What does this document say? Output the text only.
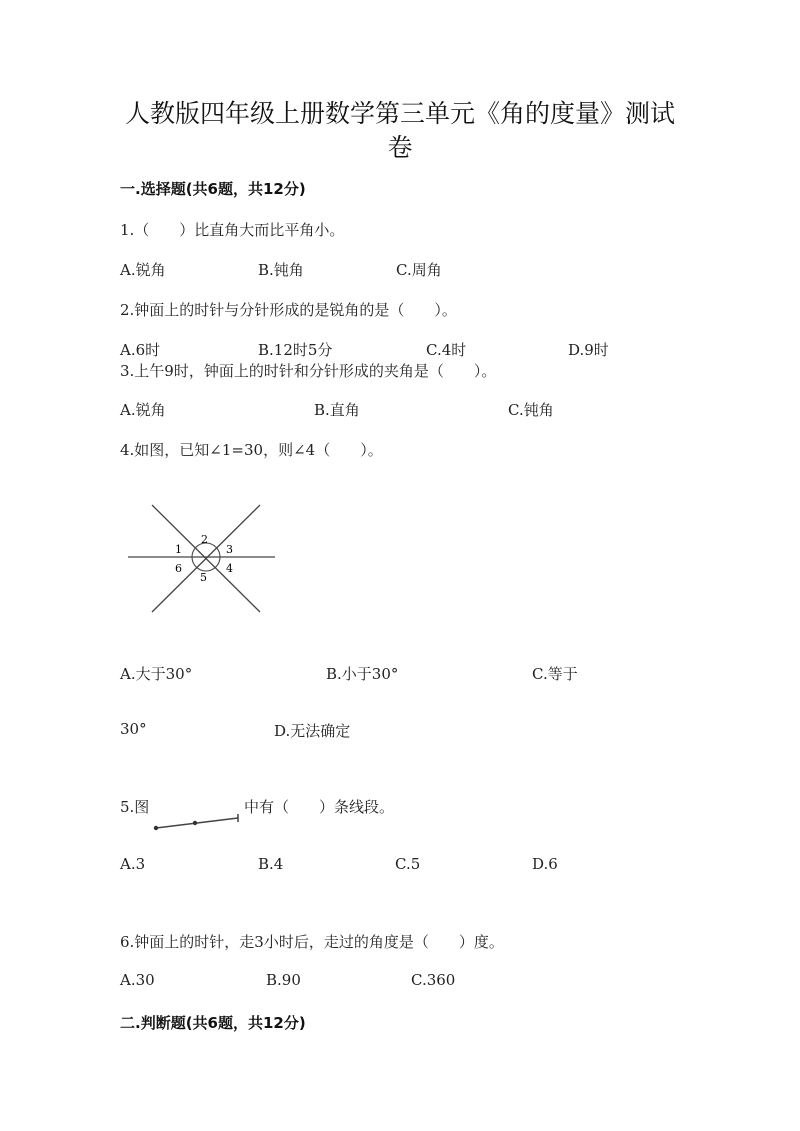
人教版四年级上册数学第三单元《角的度量》测试
卷
一.选择题(共6题，共12分)
1.（　　）比直角大而比平角小。
A.锐角	B.钝角	C.周角
2.钟面上的时针与分针形成的是锐角的是（　　）。
A.6时	B.12时5分	C.4时	D.9时
3.上午9时，钟面上的时针和分针形成的夹角是（　　）。
A.锐角	B.直角	C.钝角
4.如图，已知∠1=30，则∠4（　　）。
1
2
3
4
5
6
A.大于30°	B.小于30°	C.等于
30°	D.无法确定
5.图	中有（　　）条线段。
A.3	B.4	C.5	D.6
6.钟面上的时针，走3小时后，走过的角度是（　　）度。
A.30	B.90	C.360
二.判断题(共6题，共12分)
